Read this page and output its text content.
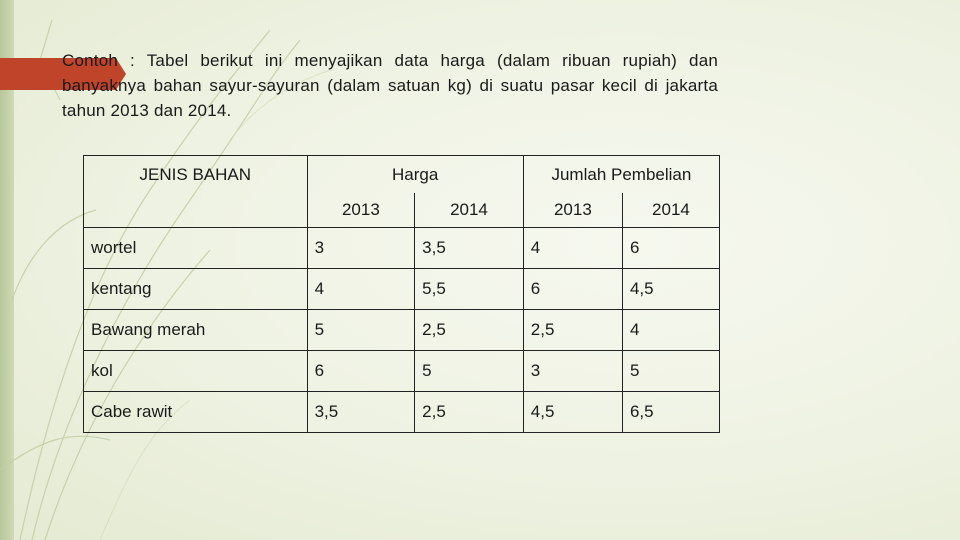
Contoh : Tabel berikut ini menyajikan data harga (dalam ribuan rupiah) dan banyaknya bahan sayur-sayuran (dalam satuan kg) di suatu pasar kecil di jakarta tahun 2013 dan 2014.
JENIS BAHAN	Harga		Jumlah Pembelian	
	2013	2014	2013	2014
wortel	3	3,5	4	6
kentang	4	5,5	6	4,5
Bawang merah	5	2,5	2,5	4
kol	6	5	3	5
Cabe rawit	3,5	2,5	4,5	6,5
